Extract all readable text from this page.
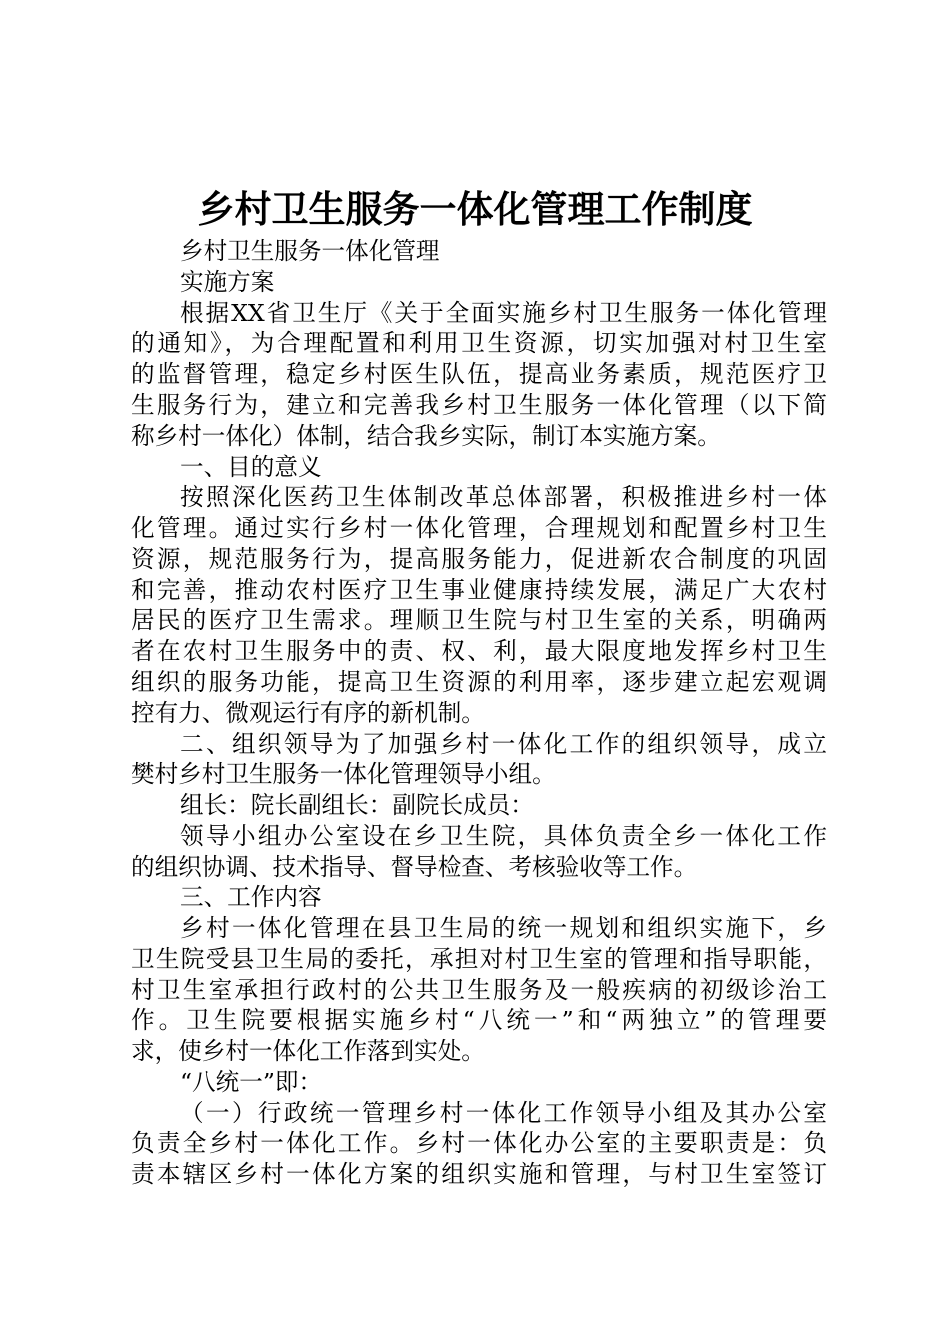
乡村卫生服务一体化管理工作制度
乡村卫生服务一体化管理
实施方案
根据XX省卫生厅《关于全面实施乡村卫生服务一体化管理
的通知》，为合理配置和利用卫生资源，切实加强对村卫生室
的监督管理，稳定乡村医生队伍，提高业务素质，规范医疗卫
生服务行为，建立和完善我乡村卫生服务一体化管理（以下简
称乡村一体化）体制，结合我乡实际，制订本实施方案。
一、目的意义
按照深化医药卫生体制改革总体部署，积极推进乡村一体
化管理。通过实行乡村一体化管理，合理规划和配置乡村卫生
资源，规范服务行为，提高服务能力，促进新农合制度的巩固
和完善，推动农村医疗卫生事业健康持续发展，满足广大农村
居民的医疗卫生需求。理顺卫生院与村卫生室的关系，明确两
者在农村卫生服务中的责、权、利，最大限度地发挥乡村卫生
组织的服务功能，提高卫生资源的利用率，逐步建立起宏观调
控有力、微观运行有序的新机制。
二、组织领导为了加强乡村一体化工作的组织领导，成立
樊村乡村卫生服务一体化管理领导小组。
组长：院长副组长：副院长成员：
领导小组办公室设在乡卫生院，具体负责全乡一体化工作
的组织协调、技术指导、督导检查、考核验收等工作。
三、工作内容
乡村一体化管理在县卫生局的统一规划和组织实施下，乡
卫生院受县卫生局的委托，承担对村卫生室的管理和指导职能，
村卫生室承担行政村的公共卫生服务及一般疾病的初级诊治工
作。卫生院要根据实施乡村“八统一”和“两独立”的管理要
求，使乡村一体化工作落到实处。
“八统一”即：
（一）行政统一管理乡村一体化工作领导小组及其办公室
负责全乡村一体化工作。乡村一体化办公室的主要职责是：负
责本辖区乡村一体化方案的组织实施和管理，与村卫生室签订
